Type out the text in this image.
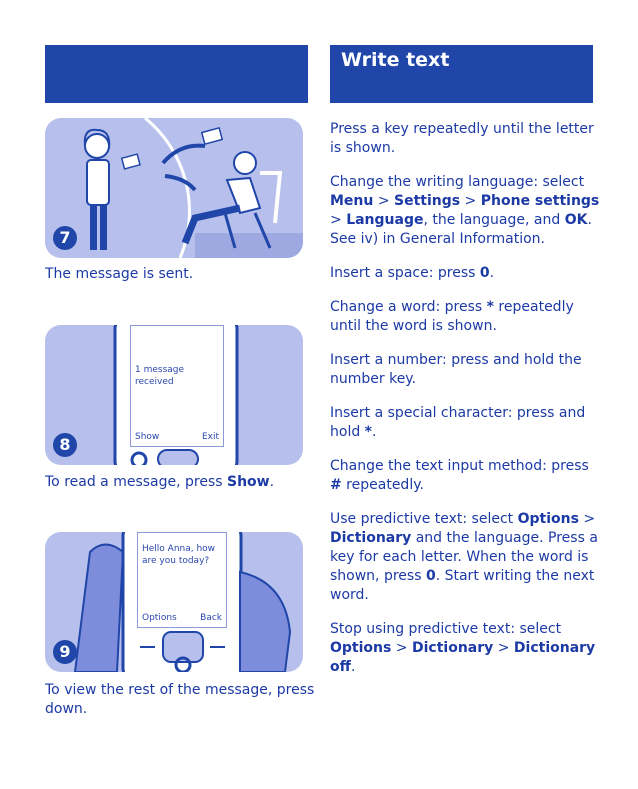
Write text
7
The message is sent.
1 message
received
Show	Exit
8
To read a message, press Show.
Hello Anna, how
are you today?
Options	Back
9
To view the rest of the message, press down.

Press a key repeatedly until the letter is shown.

Change the writing language: select Menu > Settings > Phone settings > Language, the language, and OK. See iv) in General Information.

Insert a space: press 0.

Change a word: press * repeatedly until the word is shown.

Insert a number: press and hold the number key.

Insert a special character: press and hold *.

Change the text input method: press # repeatedly.

Use predictive text: select Options > Dictionary and the language. Press a key for each letter. When the word is shown, press 0. Start writing the next word.

Stop using predictive text: select Options > Dictionary > Dictionary off.
